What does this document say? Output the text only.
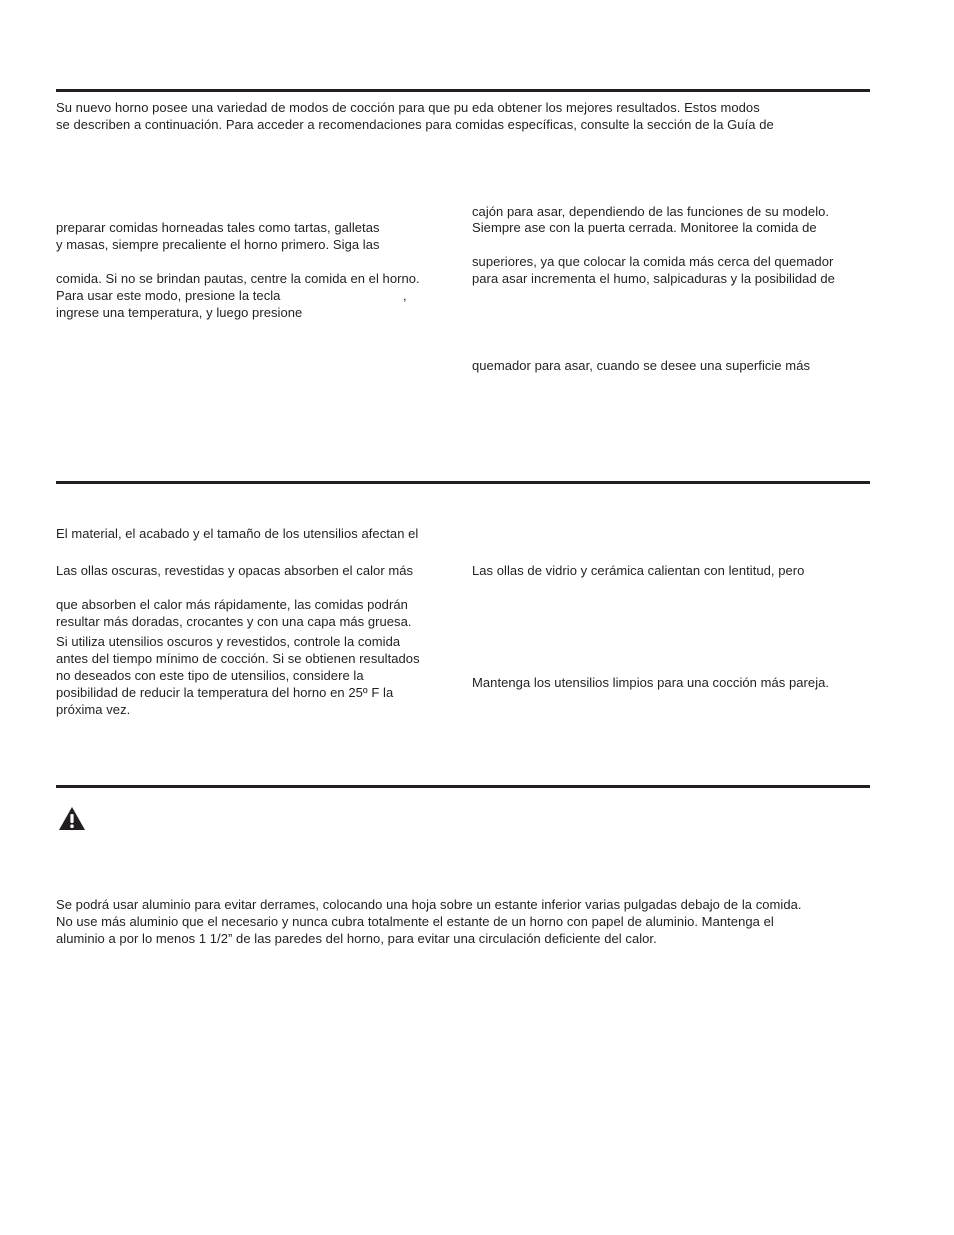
Su nuevo horno posee una variedad de modos de cocción para que pu eda obtener los mejores resultados. Estos modos
se describen a continuación. Para acceder a recomendaciones para comidas específicas, consulte la sección de la Guía de
preparar comidas horneadas tales como tartas, galletas
y masas, siempre precaliente el horno primero. Siga las
comida. Si no se brindan pautas, centre la comida en el horno.
Para usar este modo, presione la tecla	,
ingrese una temperatura, y luego presione
cajón para asar, dependiendo de las funciones de su modelo.
Siempre ase con la puerta cerrada. Monitoree la comida de
superiores, ya que colocar la comida más cerca del quemador
para asar incrementa el humo, salpicaduras y la posibilidad de
quemador para asar, cuando se desee una superficie más
El material, el acabado y el tamaño de los utensilios afectan el
Las ollas oscuras, revestidas y opacas absorben el calor más
que absorben el calor más rápidamente, las comidas podrán
resultar más doradas, crocantes y con una capa más gruesa.
Si utiliza utensilios oscuros y revestidos, controle la comida
antes del tiempo mínimo de cocción. Si se obtienen resultados
no deseados con este tipo de utensilios, considere la
posibilidad de reducir la temperatura del horno en 25º F la
próxima vez.
Las ollas de vidrio y cerámica calientan con lentitud, pero
Mantenga los utensilios limpios para una cocción más pareja.
Se podrá usar aluminio para evitar derrames, colocando una hoja sobre un estante inferior varias pulgadas debajo de la comida.
No use más aluminio que el necesario y nunca cubra totalmente el estante de un horno con papel de aluminio. Mantenga el
aluminio a por lo menos 1 1/2” de las paredes del horno, para evitar una circulación deficiente del calor.
